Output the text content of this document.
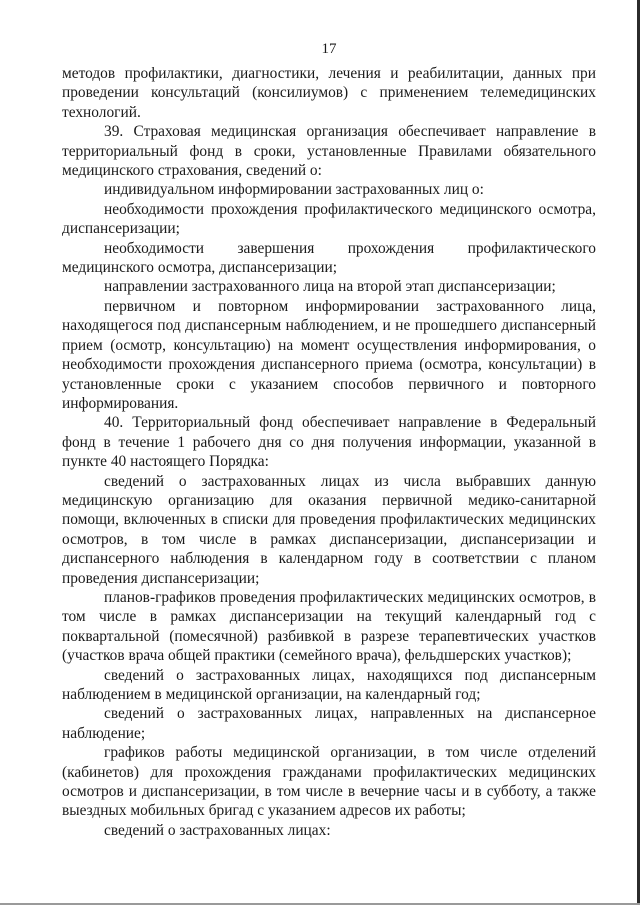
17

методов профилактики, диагностики, лечения и реабилитации, данных при проведении консультаций (консилиумов) с применением телемедицинских технологий.

39. Страховая медицинская организация обеспечивает направление в территориальный фонд в сроки, установленные Правилами обязательного медицинского страхования, сведений о:

индивидуальном информировании застрахованных лиц о:

необходимости прохождения профилактического медицинского осмотра, диспансеризации;

необходимости завершения прохождения профилактического медицинского осмотра, диспансеризации;

направлении застрахованного лица на второй этап диспансеризации;

первичном и повторном информировании застрахованного лица, находящегося под диспансерным наблюдением, и не прошедшего диспансерный прием (осмотр, консультацию) на момент осуществления информирования, о необходимости прохождения диспансерного приема (осмотра, консультации) в установленные сроки с указанием способов первичного и повторного информирования.

40. Территориальный фонд обеспечивает направление в Федеральный фонд в течение 1 рабочего дня со дня получения информации, указанной в пункте 40 настоящего Порядка:

сведений о застрахованных лицах из числа выбравших данную медицинскую организацию для оказания первичной медико-санитарной помощи, включенных в списки для проведения профилактических медицинских осмотров, в том числе в рамках диспансеризации, диспансеризации и диспансерного наблюдения в календарном году в соответствии с планом проведения диспансеризации;

планов-графиков проведения профилактических медицинских осмотров, в том числе в рамках диспансеризации на текущий календарный год с поквартальной (помесячной) разбивкой в разрезе терапевтических участков (участков врача общей практики (семейного врача), фельдшерских участков);

сведений о застрахованных лицах, находящихся под диспансерным наблюдением в медицинской организации, на календарный год;

сведений о застрахованных лицах, направленных на диспансерное наблюдение;

графиков работы медицинской организации, в том числе отделений (кабинетов) для прохождения гражданами профилактических медицинских осмотров и диспансеризации, в том числе в вечерние часы и в субботу, а также выездных мобильных бригад с указанием адресов их работы;

сведений о застрахованных лицах:
